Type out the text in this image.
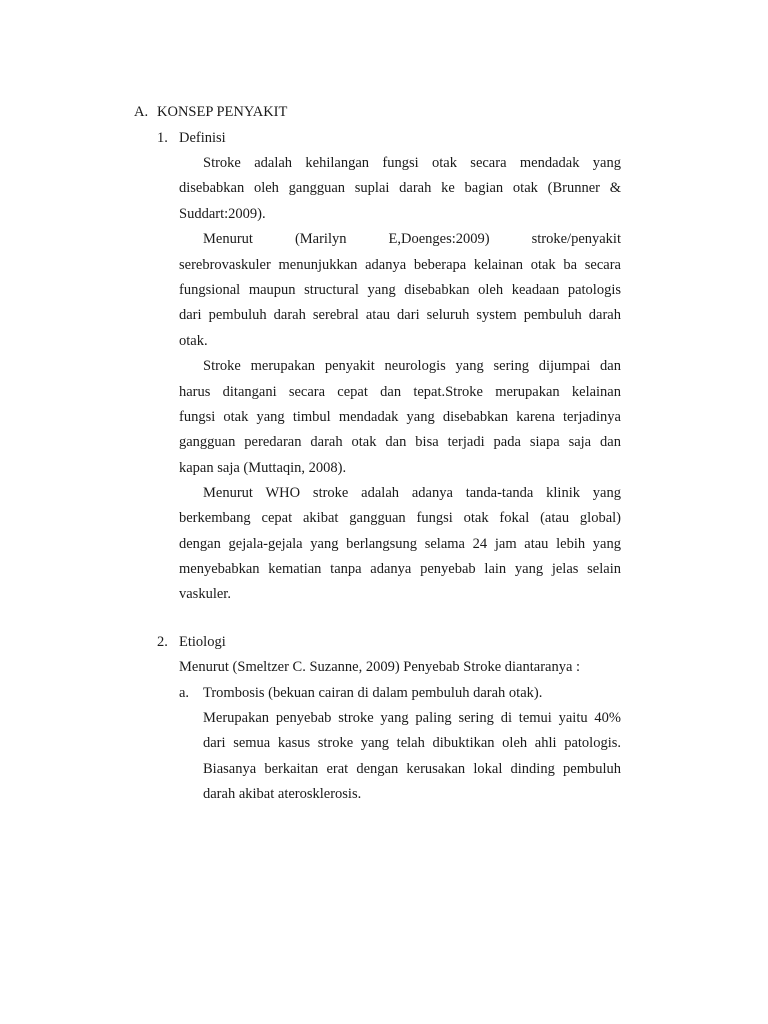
A. KONSEP PENYAKIT
1. Definisi
Stroke adalah kehilangan fungsi otak secara mendadak yang
disebabkan oleh gangguan suplai darah ke bagian otak (Brunner &
Suddart:2009).
Menurut (Marilyn E,Doenges:2009) stroke/penyakit
serebrovaskuler menunjukkan adanya beberapa kelainan otak ba secara
fungsional maupun structural yang disebabkan oleh keadaan patologis
dari pembuluh darah serebral atau dari seluruh system pembuluh darah
otak.
Stroke merupakan penyakit neurologis yang sering dijumpai dan
harus ditangani secara cepat dan tepat.Stroke merupakan kelainan
fungsi otak yang timbul mendadak yang disebabkan karena terjadinya
gangguan peredaran darah otak dan bisa terjadi pada siapa saja dan
kapan saja (Muttaqin, 2008).
Menurut WHO stroke adalah adanya tanda-tanda klinik yang
berkembang cepat akibat gangguan fungsi otak fokal (atau global)
dengan gejala-gejala yang berlangsung selama 24 jam atau lebih yang
menyebabkan kematian tanpa adanya penyebab lain yang jelas selain
vaskuler.
2. Etiologi
Menurut (Smeltzer C. Suzanne, 2009) Penyebab Stroke diantaranya :
a. Trombosis (bekuan cairan di dalam pembuluh darah otak).
Merupakan penyebab stroke yang paling sering di temui yaitu 40%
dari semua kasus stroke yang telah dibuktikan oleh ahli patologis.
Biasanya berkaitan erat dengan kerusakan lokal dinding pembuluh
darah akibat aterosklerosis.
